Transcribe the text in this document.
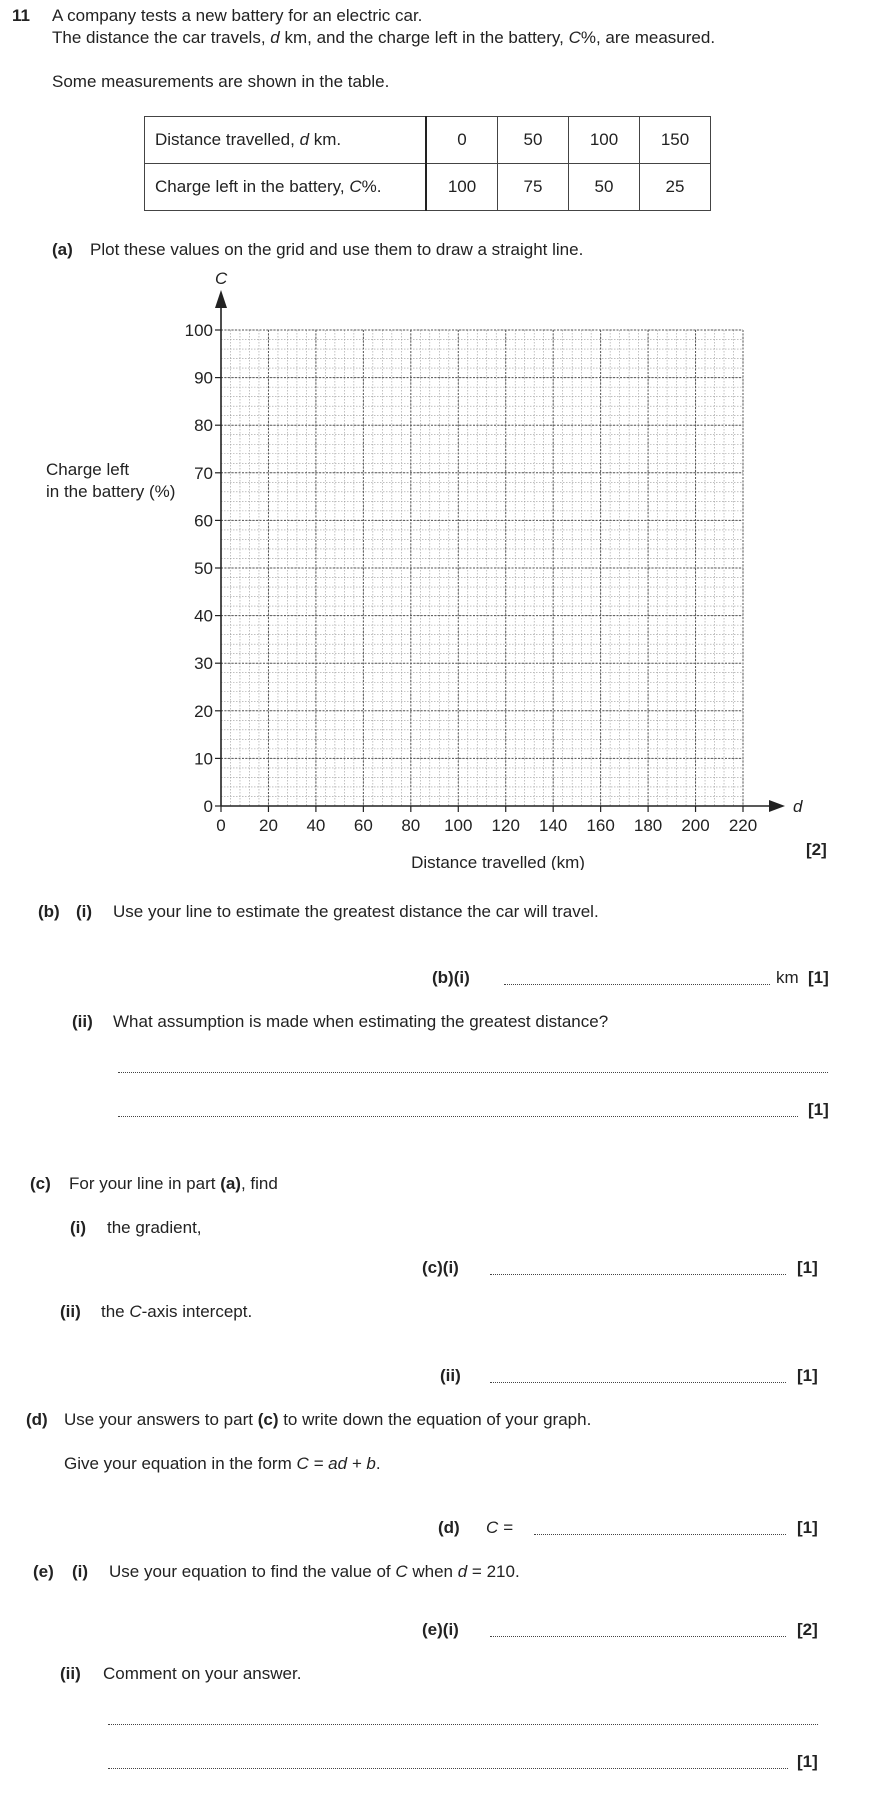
11 A company tests a new battery for an electric car.
The distance the car travels, d km, and the charge left in the battery, C%, are measured.
Some measurements are shown in the table.
Distance travelled, d km.	0	50	100	150
Charge left in the battery, C%.	100	75	50	25
(a) Plot these values on the grid and use them to draw a straight line.
0 20 40 60 80 100 120 140 160 180 200 220
0
10
20
30
40
50
60
70
80
90
100
d
C
Distance travelled (km)
Charge left
in the battery (%)
[2]
(b) (i) Use your line to estimate the greatest distance the car will travel.
(b)(i)	km [1]
(ii) What assumption is made when estimating the greatest distance?
[1]
(c) For your line in part (a), find
(i) the gradient,
(c)(i)	[1]
(ii) the C-axis intercept.
(ii)	[1]
(d) Use your answers to part (c) to write down the equation of your graph.
Give your equation in the form C = ad + b.
(d) C =	[1]
(e) (i) Use your equation to find the value of C when d = 210.
(e)(i)	[2]
(ii) Comment on your answer.
[1]
